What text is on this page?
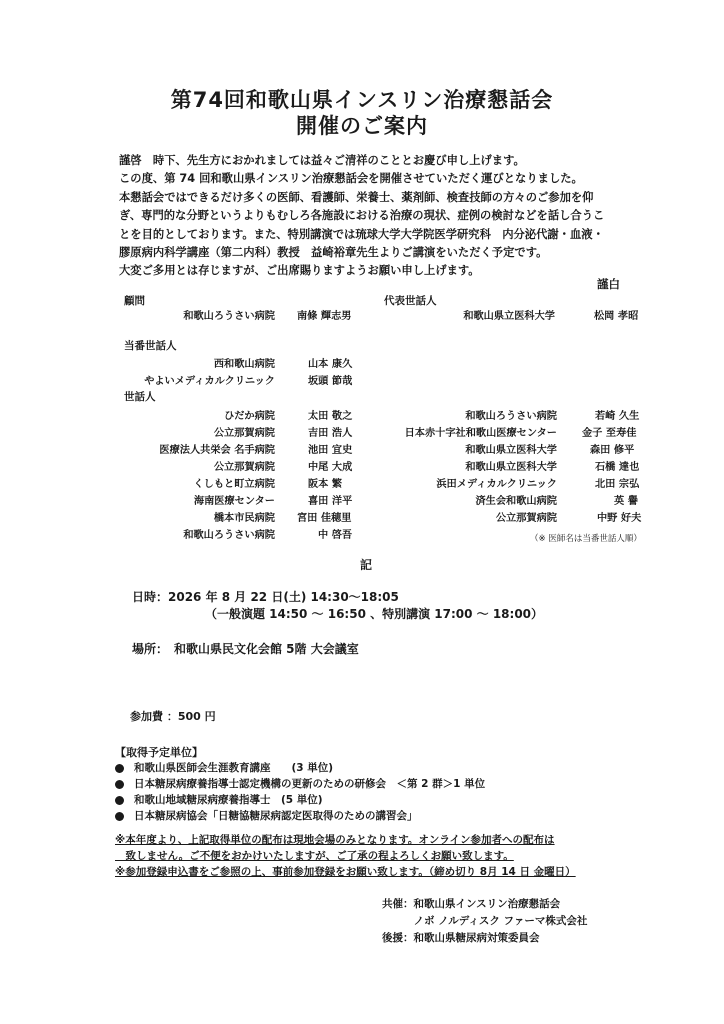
第74回和歌山県インスリン治療懇話会
開催のご案内

謹啓　時下、先生方におかれましては益々ご清祥のこととお慶び申し上げます。

この度、第 74 回和歌山県インスリン治療懇話会を開催させていただく運びとなりました。

本懇話会ではできるだけ多くの医師、看護師、栄養士、薬剤師、検査技師の方々のご参加を仰

ぎ、専門的な分野というよりもむしろ各施設における治療の現状、症例の検討などを話し合うこ

とを目的としております。また、特別講演では琉球大学大学院医学研究科　内分泌代謝・血液・

膠原病内科学講座（第二内科）教授　益崎裕章先生よりご講演をいただく予定です。

大変ご多用とは存じますが、ご出席賜りますようお願い申し上げます。

謹白
顧問
和歌山ろうさい病院 南條 輝志男
代表世話人
和歌山県立医科大学	松岡 孝昭
当番世話人
西和歌山病院	山本 康久
やよいメディカルクリニック	坂頭 節哉
世話人
ひだか病院	太田 敬之
公立那賀病院	吉田 浩人
医療法人共栄会 名手病院	池田 宜史
公立那賀病院	中尾 大成
くしもと町立病院	阪本 繁
海南医療センター	喜田 洋平
橋本市民病院 宮田 佳穂里
和歌山ろうさい病院	中 啓吾
和歌山ろうさい病院	若崎 久生
日本赤十字社和歌山医療センター 金子 至寿佳
和歌山県立医科大学	森田 修平
和歌山県立医科大学	石橋 達也
浜田メディカルクリニック	北田 宗弘
済生会和歌山病院	英 譽
公立那賀病院	中野 好夫
（※ 医師名は当番世話人順）
記
日時：2026 年 8 月 22 日(土) 14:30～18:05
（一般演題 14:50 ～ 16:50 、特別講演 17:00 ～ 18:00）
場所：　和歌山県民文化会館 5階 大会議室
参加費 ：500 円
【取得予定単位】
和歌山県医師会生涯教育講座　　(3 単位)
日本糖尿病療養指導士認定機構の更新のための研修会　＜第 2 群＞1 単位
和歌山地域糖尿病療養指導士　(5 単位)
日本糖尿病協会「日糖協糖尿病認定医取得のための講習会」
※本年度より、上記取得単位の配布は現地会場のみとなります。オンライン参加者への配布は
　致しません。ご不便をおかけいたしますが、ご了承の程よろしくお願い致します。
※参加登録申込書をご参照の上、事前参加登録をお願い致します。（締め切り 8月 14 日 金曜日）
共催：和歌山県インスリン治療懇話会
　　　ノボ ノルディスク ファーマ株式会社
後援：和歌山県糖尿病対策委員会
